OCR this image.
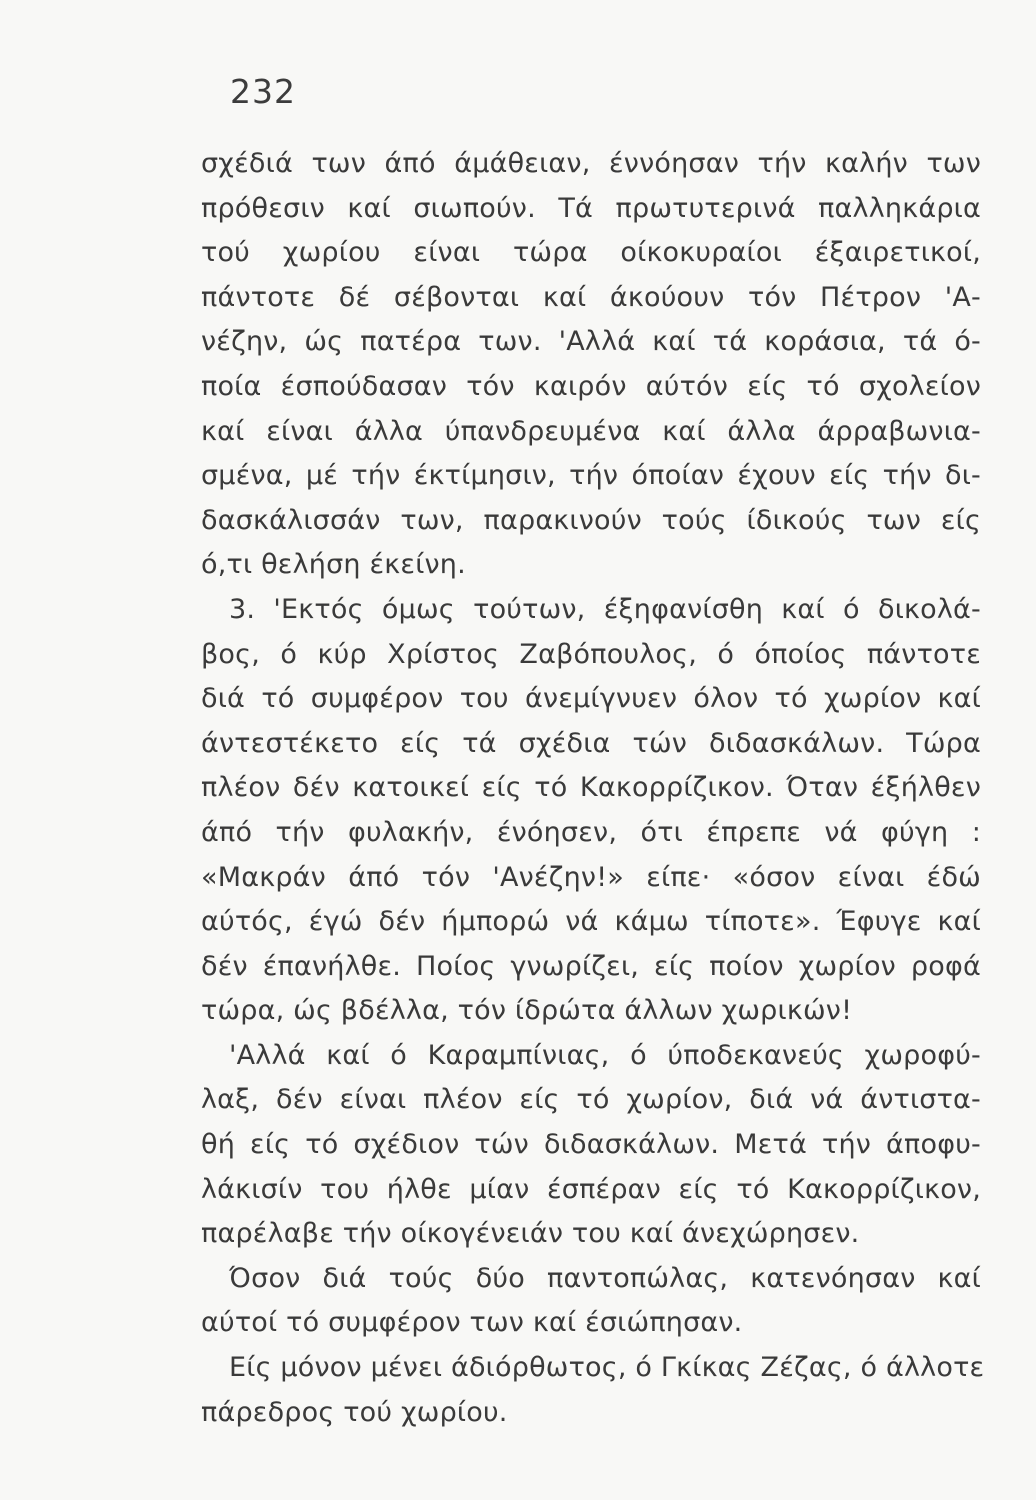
232
σχέδιά των άπό άμάθειαν, έννόησαν τήν καλήν των
πρόθεσιν καί σιωπούν. Τά πρωτυτερινά παλληκάρια
τού χωρίου είναι τώρα οίκοκυραίοι έξαιρετικοί,
πάντοτε δέ σέβονται καί άκούουν τόν Πέτρον 'Α-
νέζην, ώς πατέρα των. 'Αλλά καί τά κοράσια, τά ό-
ποία έσπούδασαν τόν καιρόν αύτόν είς τό σχολείον
καί είναι άλλα ύπανδρευμένα καί άλλα άρραβωνια-
σμένα, μέ τήν έκτίμησιν, τήν όποίαν έχουν είς τήν δι-
δασκάλισσάν των, παρακινούν τούς ίδικούς των είς
ό,τι θελήση έκείνη.
3. 'Εκτός όμως τούτων, έξηφανίσθη καί ό δικολά-
βος, ό κύρ Χρίστος Ζαβόπουλος, ό όποίος πάντοτε
διά τό συμφέρον του άνεμίγνυεν όλον τό χωρίον καί
άντεστέκετο είς τά σχέδια τών διδασκάλων. Τώρα
πλέον δέν κατοικεί είς τό Κακορρίζικον. Όταν έξήλθεν
άπό τήν φυλακήν, ένόησεν, ότι έπρεπε νά φύγη :
«Μακράν άπό τόν 'Ανέζην!» είπε· «όσον είναι έδώ
αύτός, έγώ δέν ήμπορώ νά κάμω τίποτε». Έφυγε καί
δέν έπανήλθε. Ποίος γνωρίζει, είς ποίον χωρίον ροφά
τώρα, ώς βδέλλα, τόν ίδρώτα άλλων χωρικών!
'Αλλά καί ό Καραμπίνιας, ό ύποδεκανεύς χωροφύ-
λαξ, δέν είναι πλέον είς τό χωρίον, διά νά άντιστα-
θή είς τό σχέδιον τών διδασκάλων. Μετά τήν άποφυ-
λάκισίν του ήλθε μίαν έσπέραν είς τό Κακορρίζικον,
παρέλαβε τήν οίκογένειάν του καί άνεχώρησεν.
Όσον διά τούς δύο παντοπώλας, κατενόησαν καί
αύτοί τό συμφέρον των καί έσιώπησαν.
Είς μόνον μένει άδιόρθωτος, ό Γκίκας Ζέζας, ό άλλοτε
πάρεδρος τού χωρίου.
